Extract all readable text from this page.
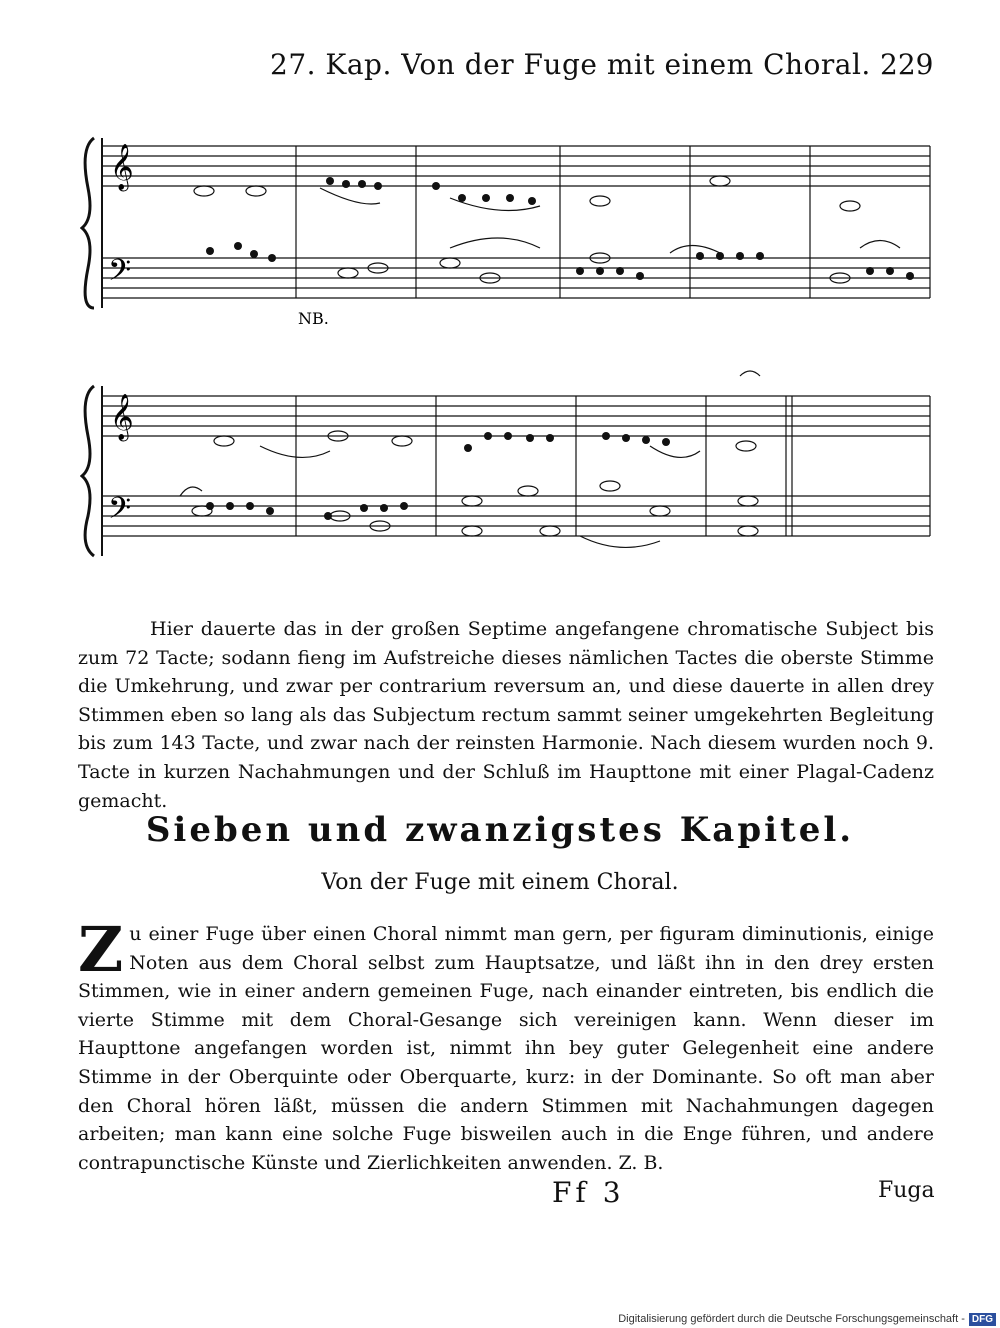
27. Kap. Von der Fuge mit einem Choral. 229
𝄞
𝄢
NB.
𝄞
𝄢

Hier dauerte das in der großen Septime angefangene chromatische Subject bis zum 72 Tacte; sodann fieng im Aufstreiche dieses nämlichen Tactes die oberste Stimme die Umkehrung, und zwar per contrarium reversum an, und diese dauerte in allen drey Stimmen eben so lang als das Subjectum rectum sammt seiner umgekehrten Begleitung bis zum 143 Tacte, und zwar nach der reinsten Harmonie. Nach diesem wurden noch 9. Tacte in kurzen Nachahmungen und der Schluß im Haupttone mit einer Plagal-Cadenz gemacht.

Sieben und zwanzigstes Kapitel.
Von der Fuge mit einem Choral.
Zu einer Fuge über einen Choral nimmt man gern, per figuram diminutionis, einige Noten aus dem Choral selbst zum Hauptsatze, und läßt ihn in den drey ersten Stimmen, wie in einer andern gemeinen Fuge, nach einander eintreten, bis endlich die vierte Stimme mit dem Choral-Gesange sich vereinigen kann. Wenn dieser im Haupttone angefangen worden ist, nimmt ihn bey guter Gelegenheit eine andere Stimme in der Oberquinte oder Oberquarte, kurz: in der Dominante. So oft man aber den Choral hören läßt, müssen die andern Stimmen mit Nachahmungen dagegen arbeiten; man kann eine solche Fuge bisweilen auch in die Enge führen, und andere contrapunctische Künste und Zierlichkeiten anwenden. Z. B.
Ff 3	Fuga
Digitalisierung gefördert durch die Deutsche Forschungsgemeinschaft - DFG
